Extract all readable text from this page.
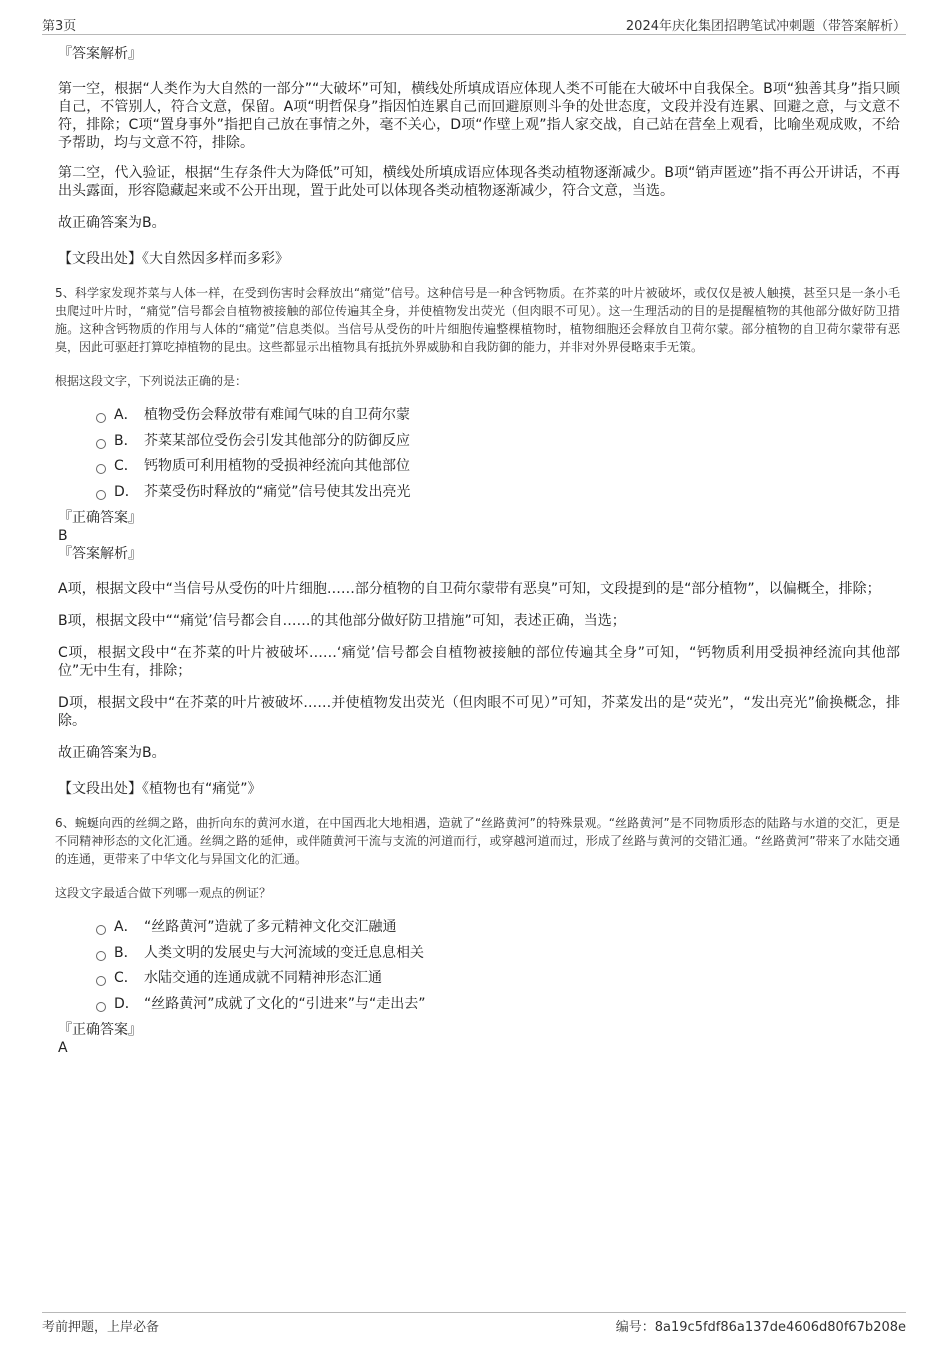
第3页	2024年庆化集团招聘笔试冲刺题（带答案解析）

『答案解析』

第一空，根据“人类作为大自然的一部分”“大破坏”可知，横线处所填成语应体现人类不可能在大破坏中自我保全。B项“独善其身”指只顾自己，不管别人，符合文意，保留。A项“明哲保身”指因怕连累自己而回避原则斗争的处世态度，文段并没有连累、回避之意，与文意不符，排除；C项“置身事外”指把自己放在事情之外，毫不关心，D项“作壁上观”指人家交战，自己站在营垒上观看，比喻坐观成败，不给予帮助，均与文意不符，排除。

第二空，代入验证，根据“生存条件大为降低”可知，横线处所填成语应体现各类动植物逐渐减少。B项“销声匿迹”指不再公开讲话，不再出头露面，形容隐藏起来或不公开出现，置于此处可以体现各类动植物逐渐减少，符合文意，当选。

故正确答案为B。

【文段出处】《大自然因多样而多彩》

5、科学家发现芥菜与人体一样，在受到伤害时会释放出“痛觉”信号。这种信号是一种含钙物质。在芥菜的叶片被破坏，或仅仅是被人触摸，甚至只是一条小毛虫爬过叶片时，“痛觉”信号都会自植物被接触的部位传遍其全身，并使植物发出荧光（但肉眼不可见）。这一生理活动的目的是提醒植物的其他部分做好防卫措施。这种含钙物质的作用与人体的“痛觉”信息类似。当信号从受伤的叶片细胞传遍整棵植物时，植物细胞还会释放自卫荷尔蒙。部分植物的自卫荷尔蒙带有恶臭，因此可驱赶打算吃掉植物的昆虫。这些都显示出植物具有抵抗外界威胁和自我防御的能力，并非对外界侵略束手无策。

根据这段文字，下列说法正确的是：

A． 植物受伤会释放带有难闻气味的自卫荷尔蒙
B． 芥菜某部位受伤会引发其他部分的防御反应
C． 钙物质可利用植物的受损神经流向其他部位
D． 芥菜受伤时释放的“痛觉”信号使其发出亮光

『正确答案』

B

『答案解析』

A项，根据文段中“当信号从受伤的叶片细胞……部分植物的自卫荷尔蒙带有恶臭”可知，文段提到的是“部分植物”，以偏概全，排除；

B项，根据文段中““痛觉’信号都会自……的其他部分做好防卫措施”可知，表述正确，当选；

C项，根据文段中“在芥菜的叶片被破坏……‘痛觉’信号都会自植物被接触的部位传遍其全身”可知，“钙物质利用受损神经流向其他部位”无中生有，排除；

D项，根据文段中“在芥菜的叶片被破坏……并使植物发出荧光（但肉眼不可见）”可知，芥菜发出的是“荧光”，“发出亮光”偷换概念，排除。

故正确答案为B。

【文段出处】《植物也有“痛觉”》

6、蜿蜒向西的丝绸之路，曲折向东的黄河水道，在中国西北大地相遇，造就了“丝路黄河”的特殊景观。“丝路黄河”是不同物质形态的陆路与水道的交汇，更是不同精神形态的文化汇通。丝绸之路的延伸，或伴随黄河干流与支流的河道而行，或穿越河道而过，形成了丝路与黄河的交错汇通。“丝路黄河”带来了水陆交通的连通，更带来了中华文化与异国文化的汇通。

这段文字最适合做下列哪一观点的例证？

A． “丝路黄河”造就了多元精神文化交汇融通
B． 人类文明的发展史与大河流域的变迁息息相关
C． 水陆交通的连通成就不同精神形态汇通
D． “丝路黄河”成就了文化的“引进来”与“走出去”

『正确答案』

A

考前押题，上岸必备	编号：8a19c5fdf86a137de4606d80f67b208e
